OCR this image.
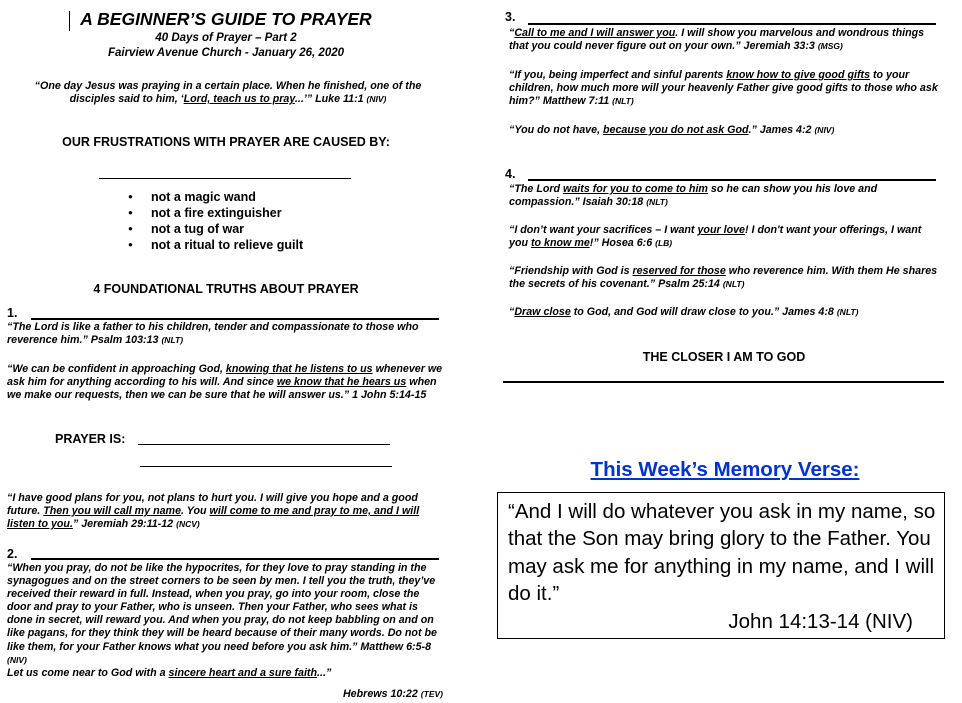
A BEGINNER’S GUIDE TO PRAYER
40 Days of Prayer – Part 2
Fairview Avenue Church - January 26, 2020
“One day Jesus was praying in a certain place. When he finished, one of the disciples said to him, ‘Lord, teach us to pray...’” Luke 11:1 (NIV)
OUR FRUSTRATIONS WITH PRAYER ARE CAUSED BY:
● not a magic wand
● not a fire extinguisher
● not a tug of war
● not a ritual to relieve guilt
4 FOUNDATIONAL TRUTHS ABOUT PRAYER
1.
“The Lord is like a father to his children, tender and compassionate to those who reverence him.” Psalm 103:13 (NLT)
“We can be confident in approaching God, knowing that he listens to us whenever we ask him for anything according to his will. And since we know that he hears us when we make our requests, then we can be sure that he will answer us.” 1 John 5:14-15
PRAYER IS:
“I have good plans for you, not plans to hurt you. I will give you hope and a good future. Then you will call my name. You will come to me and pray to me, and I will listen to you.” Jeremiah 29:11-12 (NCV)
2.
“When you pray, do not be like the hypocrites, for they love to pray standing in the synagogues and on the street corners to be seen by men. I tell you the truth, they’ve received their reward in full. Instead, when you pray, go into your room, close the door and pray to your Father, who is unseen. Then your Father, who sees what is done in secret, will reward you. And when you pray, do not keep babbling on and on like pagans, for they think they will be heard because of their many words. Do not be like them, for your Father knows what you need before you ask him.” Matthew 6:5-8 (NIV)
Let us come near to God with a sincere heart and a sure faith...”
Hebrews 10:22 (TEV)
3.
“Call to me and I will answer you. I will show you marvelous and wondrous things that you could never figure out on your own.” Jeremiah 33:3 (MSG)
“If you, being imperfect and sinful parents know how to give good gifts to your children, how much more will your heavenly Father give good gifts to those who ask him?” Matthew 7:11 (NLT)
“You do not have, because you do not ask God.” James 4:2 (NIV)
4.
“The Lord waits for you to come to him so he can show you his love and compassion.” Isaiah 30:18 (NLT)
“I don’t want your sacrifices – I want your love! I don't want your offerings, I want you to know me!” Hosea 6:6 (LB)
“Friendship with God is reserved for those who reverence him. With them He shares the secrets of his covenant.” Psalm 25:14 (NLT)
“Draw close to God, and God will draw close to you.” James 4:8 (NLT)
THE CLOSER I AM TO GOD
This Week’s Memory Verse:
“And I will do whatever you ask in my name, so that the Son may bring glory to the Father. You may ask me for anything in my name, and I will do it.”
John 14:13-14 (NIV)
